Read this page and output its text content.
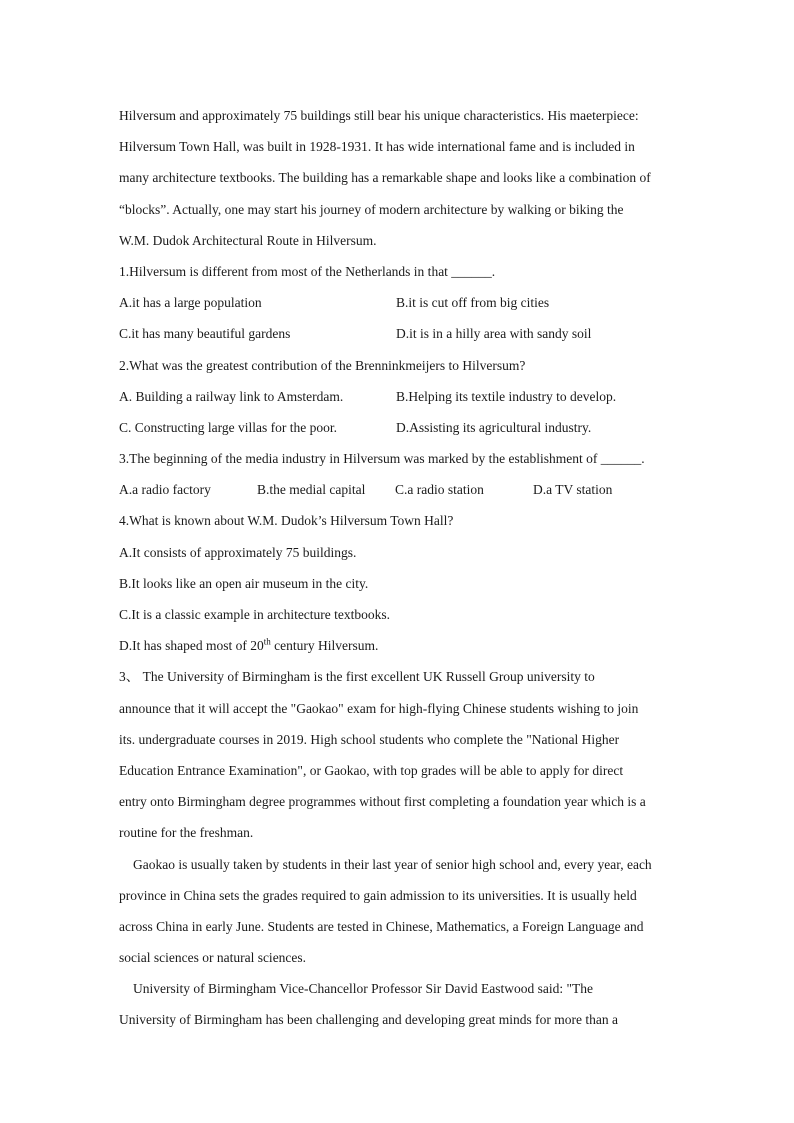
Hilversum and approximately 75 buildings still bear his unique characteristics. His maeterpiece:
Hilversum Town Hall, was built in 1928-1931. It has wide international fame and is included in
many architecture textbooks. The building has a remarkable shape and looks like a combination of
“blocks”. Actually, one may start his journey of modern architecture by walking or biking the
W.M. Dudok Architectural Route in Hilversum.
1.Hilversum is different from most of the Netherlands in that ______.
A.it has a large population	B.it is cut off from big cities
C.it has many beautiful gardens	D.it is in a hilly area with sandy soil
2.What was the greatest contribution of the Brenninkmeijers to Hilversum?
A. Building a railway link to Amsterdam.	B.Helping its textile industry to develop.
C. Constructing large villas for the poor.	D.Assisting its agricultural industry.
3.The beginning of the media industry in Hilversum was marked by the establishment of ______.
A.a radio factory	B.the medial capital	C.a radio station	D.a TV station
4.What is known about W.M. Dudok’s Hilversum Town Hall?
A.It consists of approximately 75 buildings.
B.It looks like an open air museum in the city.
C.It is a classic example in architecture textbooks.
D.It has shaped most of 20th century Hilversum.
3、 The University of Birmingham is the first excellent UK Russell Group university to
announce that it will accept the "Gaokao" exam for high-flying Chinese students wishing to join
its. undergraduate courses in 2019. High school students who complete the "National Higher
Education Entrance Examination", or Gaokao, with top grades will be able to apply for direct
entry onto Birmingham degree programmes without first completing a foundation year which is a
routine for the freshman.
Gaokao is usually taken by students in their last year of senior high school and, every year, each
province in China sets the grades required to gain admission to its universities. It is usually held
across China in early June. Students are tested in Chinese, Mathematics, a Foreign Language and
social sciences or natural sciences.
University of Birmingham Vice-Chancellor Professor Sir David Eastwood said: "The
University of Birmingham has been challenging and developing great minds for more than a
